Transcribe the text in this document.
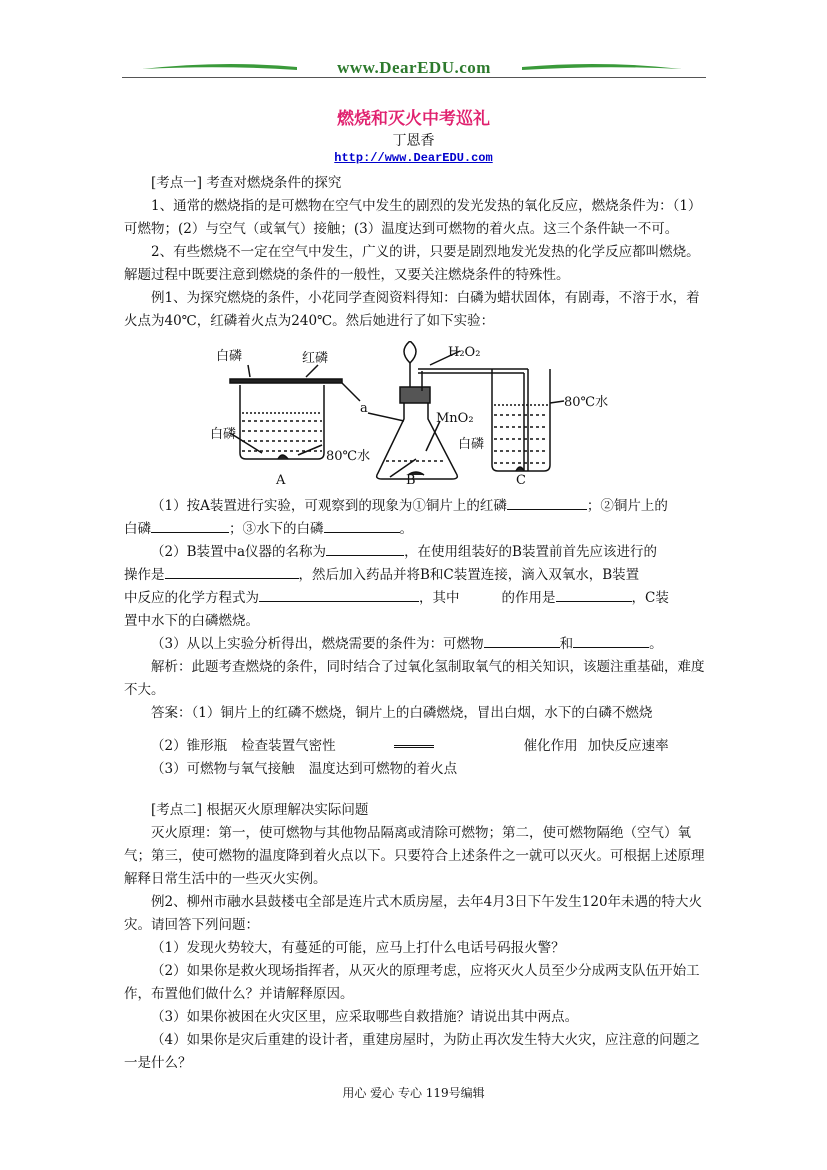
www.DearEDU.com
燃烧和灭火中考巡礼
丁恩香
http://www.DearEDU.com

[考点一] 考查对燃烧条件的探究

1、通常的燃烧指的是可燃物在空气中发生的剧烈的发光发热的氧化反应，燃烧条件为：（1）可燃物；(2）与空气（或氧气）接触；(3）温度达到可燃物的着火点。这三个条件缺一不可。

2、有些燃烧不一定在空气中发生，广义的讲，只要是剧烈地发光发热的化学反应都叫燃烧。解题过程中既要注意到燃烧的条件的一般性，又要关注燃烧条件的特殊性。

例1、为探究燃烧的条件，小花同学查阅资料得知：白磷为蜡状固体，有剧毒，不溶于水，着火点为40℃，红磷着火点为240℃。然后她进行了如下实验：

白磷	红磷
白磷
80℃水
A
H₂O₂
a
MnO₂
白磷
B
80℃水
C

（1）按A装置进行实验，可观察到的现象为①铜片上的红磷	；②铜片上的

白磷	；③水下的白磷	。

（2）B装置中a仪器的名称为	，在使用组装好的B装置前首先应该进行的

操作是	，然后加入药品并将B和C装置连接，滴入双氧水，B装置

中反应的化学方程式为	，其中	的作用是	，C装

置中水下的白磷燃烧。

（3）从以上实验分析得出，燃烧需要的条件为：可燃物	和	。

解析：此题考查燃烧的条件，同时结合了过氧化氢制取氧气的相关知识，该题注重基础，难度不大。

答案：（1）铜片上的红磷不燃烧，铜片上的白磷燃烧，冒出白烟，水下的白磷不燃烧

（2）锥形瓶 检查装置气密性	催化作用 加快反应速率

（3）可燃物与氧气接触 温度达到可燃物的着火点

[考点二] 根据灭火原理解决实际问题

灭火原理：第一，使可燃物与其他物品隔离或清除可燃物；第二，使可燃物隔绝（空气）氧气；第三，使可燃物的温度降到着火点以下。只要符合上述条件之一就可以灭火。可根据上述原理解释日常生活中的一些灭火实例。

例2、柳州市融水县鼓楼屯全部是连片式木质房屋，去年4月3日下午发生120年未遇的特大火灾。请回答下列问题：

（1）发现火势较大，有蔓延的可能，应马上打什么电话号码报火警？

（2）如果你是救火现场指挥者，从灭火的原理考虑，应将灭火人员至少分成两支队伍开始工作，布置他们做什么？并请解释原因。

（3）如果你被困在火灾区里，应采取哪些自救措施？请说出其中两点。

（4）如果你是灾后重建的设计者，重建房屋时，为防止再次发生特大火灾，应注意的问题之一是什么？

用心 爱心 专心 119号编辑
